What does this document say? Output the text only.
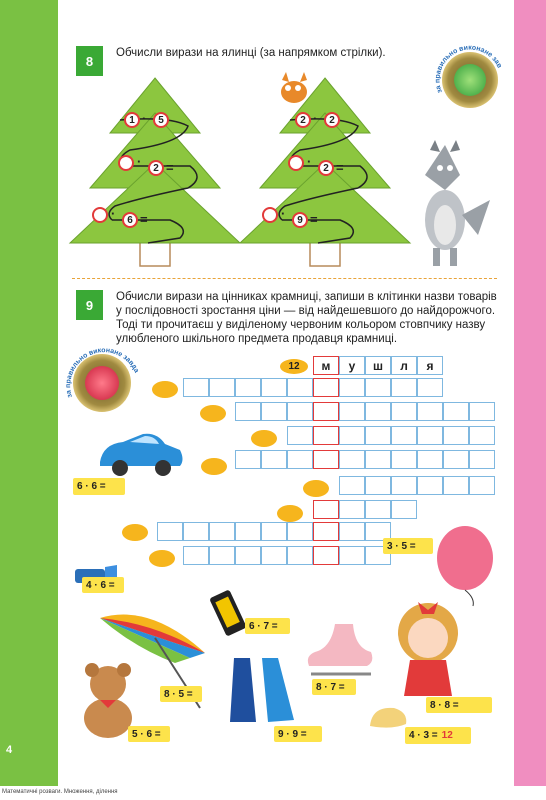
4
Математичні розваги. Множення, ділення
8
Обчисли вирази на ялинці (за напрямком стрілки).
1 ·	5
·	2 =
·	6 =
2 ·	2
·	2 =
·	9 =
за правильно виконане завдання
9
Обчисли вирази на цінниках крамниці, запиши в клітинки назви товарів
у послідовності зростання ціни — від найдешевшого до найдорожчого.
Тоді ти прочитаєш у виділеному червоним кольором стовпчику назву
улюбленого шкільного предмета продавця крамниці.
за правильно виконане завдання
м	у	ш	л	я
12
6 · 6 =
3 · 5 =
4 · 6 =
6 · 7 =
8 · 5 =
8 · 7 =
8 · 8 =
5 · 6 =	9 · 9 =	4 · 3 = 12
